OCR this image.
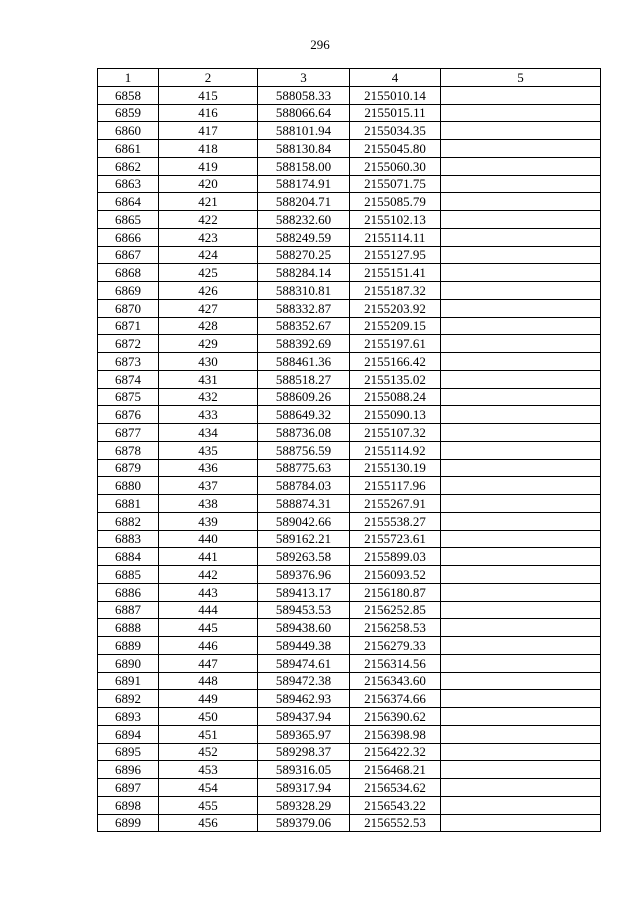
296
1	2	3	4	5
6858	415	588058.33	2155010.14	
6859	416	588066.64	2155015.11	
6860	417	588101.94	2155034.35	
6861	418	588130.84	2155045.80	
6862	419	588158.00	2155060.30	
6863	420	588174.91	2155071.75	
6864	421	588204.71	2155085.79	
6865	422	588232.60	2155102.13	
6866	423	588249.59	2155114.11	
6867	424	588270.25	2155127.95	
6868	425	588284.14	2155151.41	
6869	426	588310.81	2155187.32	
6870	427	588332.87	2155203.92	
6871	428	588352.67	2155209.15	
6872	429	588392.69	2155197.61	
6873	430	588461.36	2155166.42	
6874	431	588518.27	2155135.02	
6875	432	588609.26	2155088.24	
6876	433	588649.32	2155090.13	
6877	434	588736.08	2155107.32	
6878	435	588756.59	2155114.92	
6879	436	588775.63	2155130.19	
6880	437	588784.03	2155117.96	
6881	438	588874.31	2155267.91	
6882	439	589042.66	2155538.27	
6883	440	589162.21	2155723.61	
6884	441	589263.58	2155899.03	
6885	442	589376.96	2156093.52	
6886	443	589413.17	2156180.87	
6887	444	589453.53	2156252.85	
6888	445	589438.60	2156258.53	
6889	446	589449.38	2156279.33	
6890	447	589474.61	2156314.56	
6891	448	589472.38	2156343.60	
6892	449	589462.93	2156374.66	
6893	450	589437.94	2156390.62	
6894	451	589365.97	2156398.98	
6895	452	589298.37	2156422.32	
6896	453	589316.05	2156468.21	
6897	454	589317.94	2156534.62	
6898	455	589328.29	2156543.22	
6899	456	589379.06	2156552.53	
